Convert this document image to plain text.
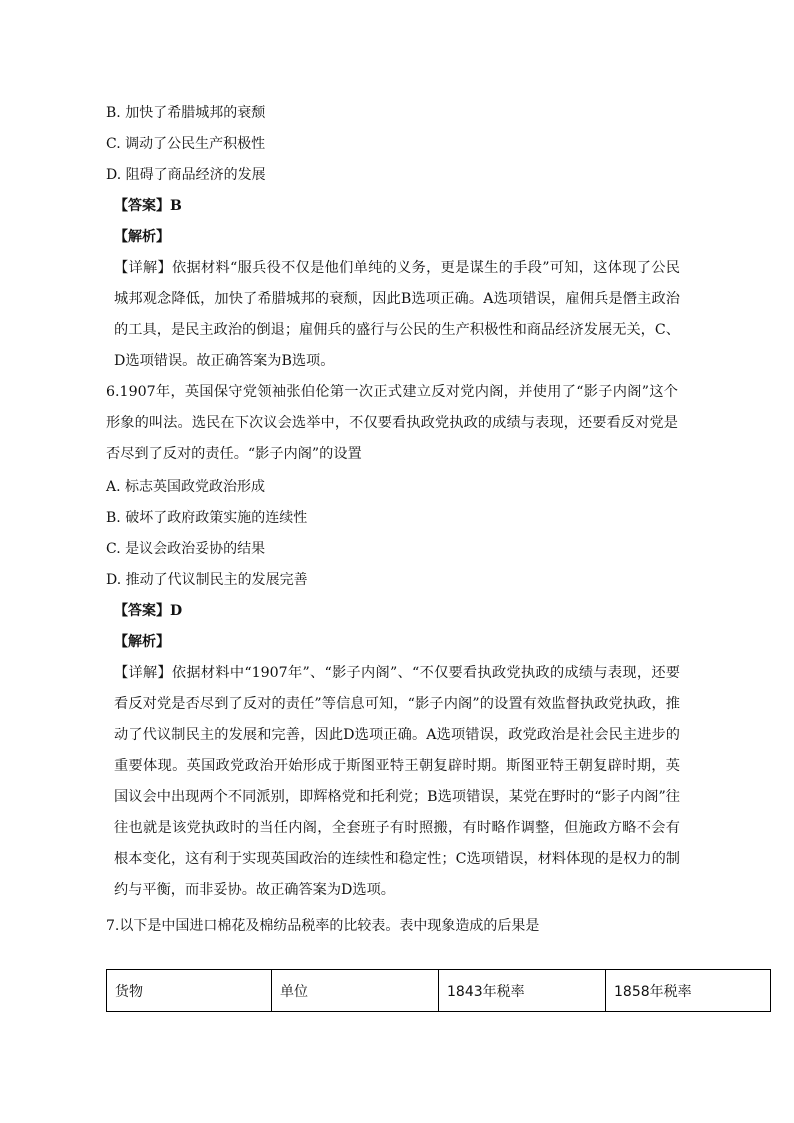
B. 加快了希腊城邦的衰颓
C. 调动了公民生产积极性
D. 阻碍了商品经济的发展
【答案】B
【解析】
【详解】依据材料“服兵役不仅是他们单纯的义务，更是谋生的手段”可知，这体现了公民城邦观念降低，加快了希腊城邦的衰颓，因此B选项正确。A选项错误，雇佣兵是僭主政治的工具，是民主政治的倒退；雇佣兵的盛行与公民的生产积极性和商品经济发展无关，C、D选项错误。故正确答案为B选项。
6.1907年，英国保守党领袖张伯伦第一次正式建立反对党内阁，并使用了“影子内阁”这个形象的叫法。选民在下次议会选举中，不仅要看执政党执政的成绩与表现，还要看反对党是否尽到了反对的责任。“影子内阁”的设置
A. 标志英国政党政治形成
B. 破坏了政府政策实施的连续性
C. 是议会政治妥协的结果
D. 推动了代议制民主的发展完善
【答案】D
【解析】
【详解】依据材料中“1907年”、“影子内阁”、“不仅要看执政党执政的成绩与表现，还要看反对党是否尽到了反对的责任”等信息可知，“影子内阁”的设置有效监督执政党执政，推动了代议制民主的发展和完善，因此D选项正确。A选项错误，政党政治是社会民主进步的重要体现。英国政党政治开始形成于斯图亚特王朝复辟时期。斯图亚特王朝复辟时期，英国议会中出现两个不同派别，即辉格党和托利党；B选项错误，某党在野时的“影子内阁”往往也就是该党执政时的当任内阁，全套班子有时照搬，有时略作调整，但施政方略不会有根本变化，这有利于实现英国政治的连续性和稳定性；C选项错误，材料体现的是权力的制约与平衡，而非妥协。故正确答案为D选项。
7.以下是中国进口棉花及棉纺品税率的比较表。表中现象造成的后果是
货物	单位	1843年税率	1858年税率
